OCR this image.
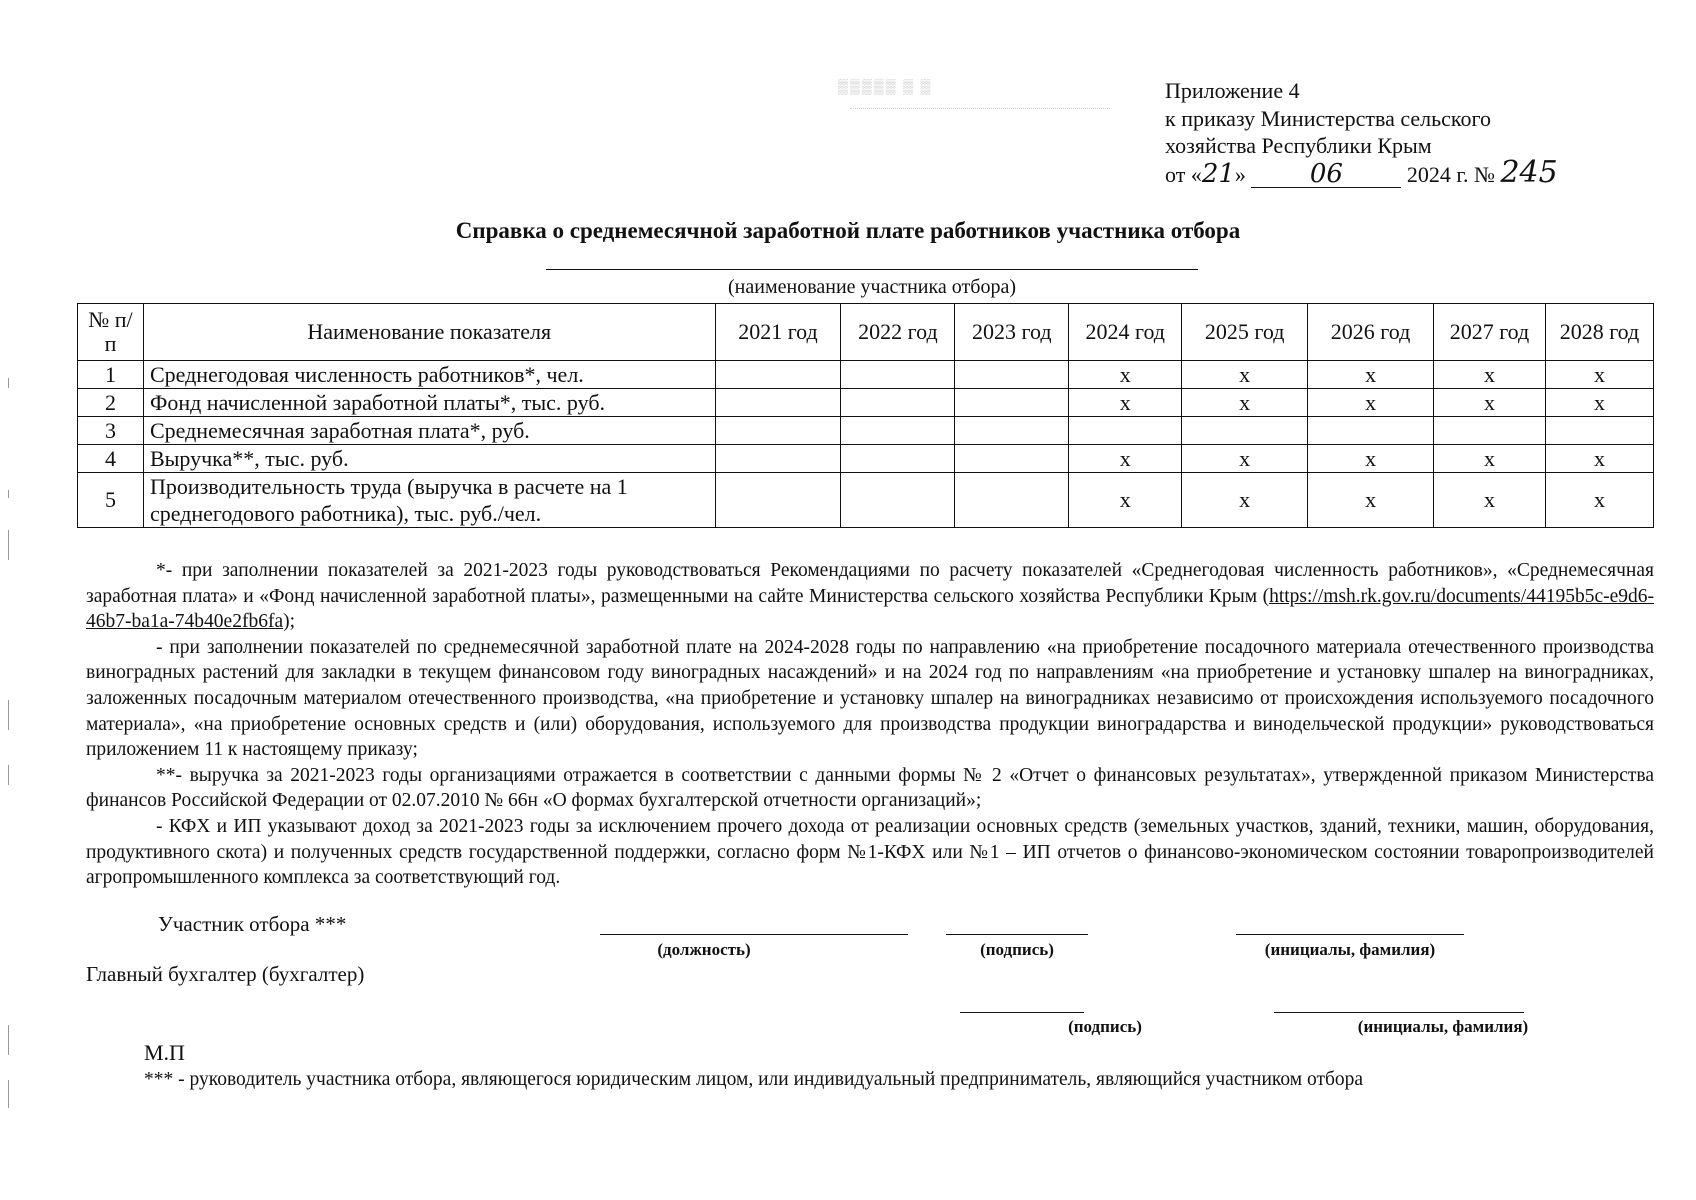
▒▒▒▒▒ ▒ ▒	Приложение 4
к приказу Министерства сельского
хозяйства Республики Крым
от «21» 06	2024 г. № 245
Справка о среднемесячной заработной плате работников участника отбора
(наименование участника отбора)
№ п/п	Наименование показателя	2021 год	2022 год	2023 год	2024 год	2025 год	2026 год	2027 год	2028 год
1	Среднегодовая численность работников*, чел.				х	х	х	х	х
2	Фонд начисленной заработной платы*, тыс. руб.				х	х	х	х	х
3	Среднемесячная заработная плата*, руб.								
4	Выручка**, тыс. руб.				х	х	х	х	х
5	Производительность труда (выручка в расчете на 1 среднегодового работника), тыс. руб./чел.				х	х	х	х	х

*- при заполнении показателей за 2021-2023 годы руководствоваться Рекомендациями по расчету показателей «Среднегодовая численность работников», «Среднемесячная заработная плата» и «Фонд начисленной заработной платы», размещенными на сайте Министерства сельского хозяйства Республики Крым (https://msh.rk.gov.ru/documents/44195b5c-e9d6-46b7-ba1a-74b40e2fb6fa);

- при заполнении показателей по среднемесячной заработной плате на 2024-2028 годы по направлению «на приобретение посадочного материала отечественного производства виноградных растений для закладки в текущем финансовом году виноградных насаждений» и на 2024 год по направлениям «на приобретение и установку шпалер на виноградниках, заложенных посадочным материалом отечественного производства, «на приобретение и установку шпалер на виноградниках независимо от происхождения используемого посадочного материала», «на приобретение основных средств и (или) оборудования, используемого для производства продукции виноградарства и винодельческой продукции» руководствоваться приложением 11 к настоящему приказу;

**- выручка за 2021-2023 годы организациями отражается в соответствии с данными формы № 2 «Отчет о финансовых результатах», утвержденной приказом Министерства финансов Российской Федерации от 02.07.2010 № 66н «О формах бухгалтерской отчетности организаций»;

- КФХ и ИП указывают доход за 2021-2023 годы за исключением прочего дохода от реализации основных средств (земельных участков, зданий, техники, машин, оборудования, продуктивного скота) и полученных средств государственной поддержки, согласно форм №1-КФХ или №1 – ИП отчетов о финансово-экономическом состоянии товаропроизводителей агропромышленного комплекса за соответствующий год.

Участник отбора ***
(должность)	(подпись)	(инициалы, фамилия)
Главный бухгалтер (бухгалтер)
(подпись)	(инициалы, фамилия)
М.П
*** - руководитель участника отбора, являющегося юридическим лицом, или индивидуальный предприниматель, являющийся участником отбора
